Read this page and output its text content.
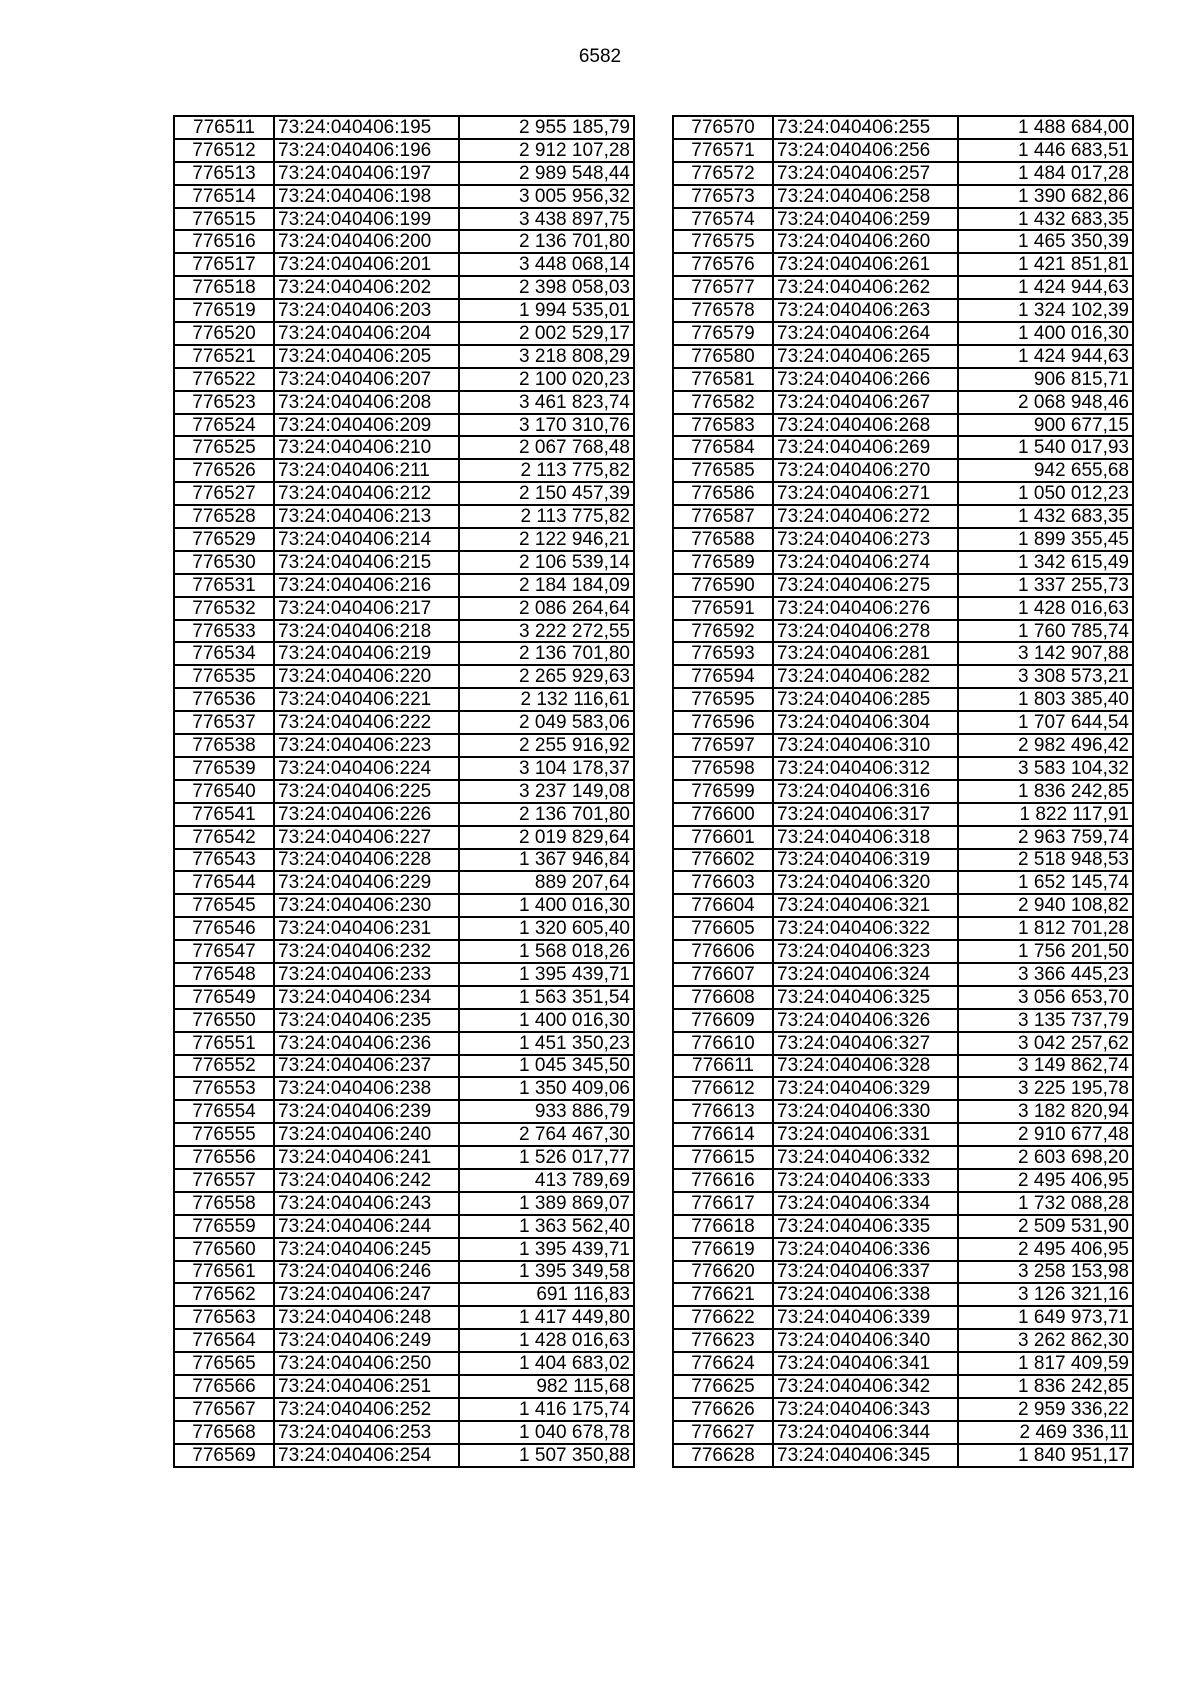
6582
776511	73:24:040406:195	2 955 185,79
776512	73:24:040406:196	2 912 107,28
776513	73:24:040406:197	2 989 548,44
776514	73:24:040406:198	3 005 956,32
776515	73:24:040406:199	3 438 897,75
776516	73:24:040406:200	2 136 701,80
776517	73:24:040406:201	3 448 068,14
776518	73:24:040406:202	2 398 058,03
776519	73:24:040406:203	1 994 535,01
776520	73:24:040406:204	2 002 529,17
776521	73:24:040406:205	3 218 808,29
776522	73:24:040406:207	2 100 020,23
776523	73:24:040406:208	3 461 823,74
776524	73:24:040406:209	3 170 310,76
776525	73:24:040406:210	2 067 768,48
776526	73:24:040406:211	2 113 775,82
776527	73:24:040406:212	2 150 457,39
776528	73:24:040406:213	2 113 775,82
776529	73:24:040406:214	2 122 946,21
776530	73:24:040406:215	2 106 539,14
776531	73:24:040406:216	2 184 184,09
776532	73:24:040406:217	2 086 264,64
776533	73:24:040406:218	3 222 272,55
776534	73:24:040406:219	2 136 701,80
776535	73:24:040406:220	2 265 929,63
776536	73:24:040406:221	2 132 116,61
776537	73:24:040406:222	2 049 583,06
776538	73:24:040406:223	2 255 916,92
776539	73:24:040406:224	3 104 178,37
776540	73:24:040406:225	3 237 149,08
776541	73:24:040406:226	2 136 701,80
776542	73:24:040406:227	2 019 829,64
776543	73:24:040406:228	1 367 946,84
776544	73:24:040406:229	889 207,64
776545	73:24:040406:230	1 400 016,30
776546	73:24:040406:231	1 320 605,40
776547	73:24:040406:232	1 568 018,26
776548	73:24:040406:233	1 395 439,71
776549	73:24:040406:234	1 563 351,54
776550	73:24:040406:235	1 400 016,30
776551	73:24:040406:236	1 451 350,23
776552	73:24:040406:237	1 045 345,50
776553	73:24:040406:238	1 350 409,06
776554	73:24:040406:239	933 886,79
776555	73:24:040406:240	2 764 467,30
776556	73:24:040406:241	1 526 017,77
776557	73:24:040406:242	413 789,69
776558	73:24:040406:243	1 389 869,07
776559	73:24:040406:244	1 363 562,40
776560	73:24:040406:245	1 395 439,71
776561	73:24:040406:246	1 395 349,58
776562	73:24:040406:247	691 116,83
776563	73:24:040406:248	1 417 449,80
776564	73:24:040406:249	1 428 016,63
776565	73:24:040406:250	1 404 683,02
776566	73:24:040406:251	982 115,68
776567	73:24:040406:252	1 416 175,74
776568	73:24:040406:253	1 040 678,78
776569	73:24:040406:254	1 507 350,88
776570	73:24:040406:255	1 488 684,00
776571	73:24:040406:256	1 446 683,51
776572	73:24:040406:257	1 484 017,28
776573	73:24:040406:258	1 390 682,86
776574	73:24:040406:259	1 432 683,35
776575	73:24:040406:260	1 465 350,39
776576	73:24:040406:261	1 421 851,81
776577	73:24:040406:262	1 424 944,63
776578	73:24:040406:263	1 324 102,39
776579	73:24:040406:264	1 400 016,30
776580	73:24:040406:265	1 424 944,63
776581	73:24:040406:266	906 815,71
776582	73:24:040406:267	2 068 948,46
776583	73:24:040406:268	900 677,15
776584	73:24:040406:269	1 540 017,93
776585	73:24:040406:270	942 655,68
776586	73:24:040406:271	1 050 012,23
776587	73:24:040406:272	1 432 683,35
776588	73:24:040406:273	1 899 355,45
776589	73:24:040406:274	1 342 615,49
776590	73:24:040406:275	1 337 255,73
776591	73:24:040406:276	1 428 016,63
776592	73:24:040406:278	1 760 785,74
776593	73:24:040406:281	3 142 907,88
776594	73:24:040406:282	3 308 573,21
776595	73:24:040406:285	1 803 385,40
776596	73:24:040406:304	1 707 644,54
776597	73:24:040406:310	2 982 496,42
776598	73:24:040406:312	3 583 104,32
776599	73:24:040406:316	1 836 242,85
776600	73:24:040406:317	1 822 117,91
776601	73:24:040406:318	2 963 759,74
776602	73:24:040406:319	2 518 948,53
776603	73:24:040406:320	1 652 145,74
776604	73:24:040406:321	2 940 108,82
776605	73:24:040406:322	1 812 701,28
776606	73:24:040406:323	1 756 201,50
776607	73:24:040406:324	3 366 445,23
776608	73:24:040406:325	3 056 653,70
776609	73:24:040406:326	3 135 737,79
776610	73:24:040406:327	3 042 257,62
776611	73:24:040406:328	3 149 862,74
776612	73:24:040406:329	3 225 195,78
776613	73:24:040406:330	3 182 820,94
776614	73:24:040406:331	2 910 677,48
776615	73:24:040406:332	2 603 698,20
776616	73:24:040406:333	2 495 406,95
776617	73:24:040406:334	1 732 088,28
776618	73:24:040406:335	2 509 531,90
776619	73:24:040406:336	2 495 406,95
776620	73:24:040406:337	3 258 153,98
776621	73:24:040406:338	3 126 321,16
776622	73:24:040406:339	1 649 973,71
776623	73:24:040406:340	3 262 862,30
776624	73:24:040406:341	1 817 409,59
776625	73:24:040406:342	1 836 242,85
776626	73:24:040406:343	2 959 336,22
776627	73:24:040406:344	2 469 336,11
776628	73:24:040406:345	1 840 951,17
